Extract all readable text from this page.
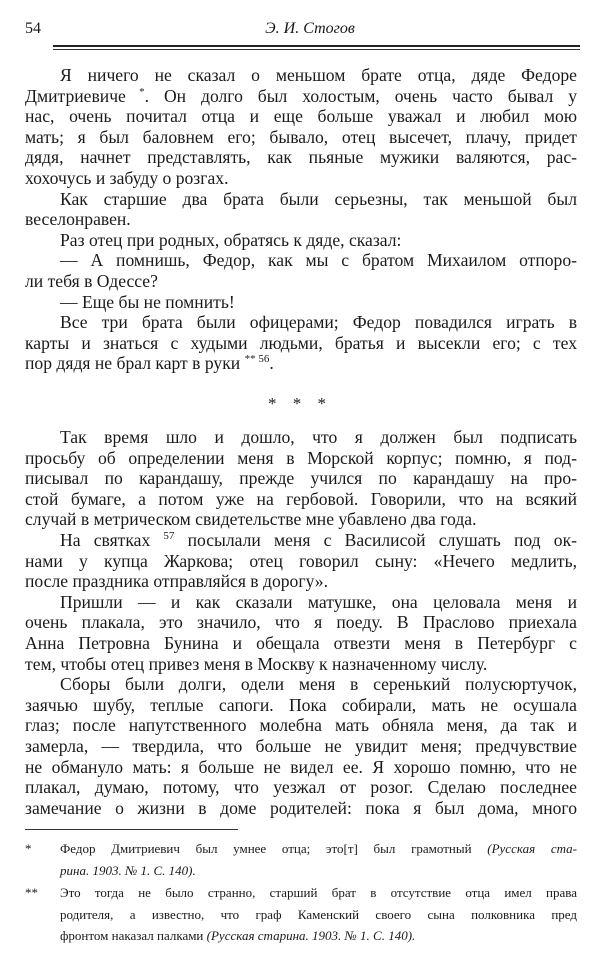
54	Э. И. Стогов
Я ничего не сказал о меньшом брате отца, дяде Федоре
Дмитриевиче *. Он долго был холостым, очень часто бывал у
нас, очень почитал отца и еще больше уважал и любил мою
мать; я был баловнем его; бывало, отец высечет, плачу, придет
дядя, начнет представлять, как пьяные мужики валяются, рас-
хохочусь и забуду о розгах.
Как старшие два брата были серьезны, так меньшой был
веселонравен.
Раз отец при родных, обратясь к дяде, сказал:
— А помнишь, Федор, как мы с братом Михаилом отпоро-
ли тебя в Одессе?
— Еще бы не помнить!
Все три брата были офицерами; Федор повадился играть в
карты и знаться с худыми людьми, братья и высекли его; с тех
пор дядя не брал карт в руки $^{** 56}$.
* * *
Так время шло и дошло, что я должен был подписать
просьбу об определении меня в Морской корпус; помню, я под-
писывал по карандашу, прежде учился по карандашу на про-
стой бумаге, а потом уже на гербовой. Говорили, что на всякий
случай в метрическом свидетельстве мне убавлено два года.
На святках $^{57}$ посылали меня с Василисой слушать под ок-
нами у купца Жаркова; отец говорил сыну: «Нечего медлить,
после праздника отправляйся в дорогу».
Пришли — и как сказали матушке, она целовала меня и
очень плакала, это значило, что я поеду. В Праслово приехала
Анна Петровна Бунина и обещала отвезти меня в Петербург с
тем, чтобы отец привез меня в Москву к назначенному числу.
Сборы были долги, одели меня в серенький полусюртучок,
заячью шубу, теплые сапоги. Пока собирали, мать не осушала
глаз; после напутственного молебна мать обняла меня, да так и
замерла, — твердила, что больше не увидит меня; предчувствие
не обмануло мать: я больше не видел ее. Я хорошо помню, что не
плакал, думаю, потому, что уезжал от розог. Сделаю последнее
замечание о жизни в доме родителей: пока я был дома, много
* Федор Дмитриевич был умнее отца; это[т] был грамотный (Русская ста-
рина. 1903. № 1. С. 140).
** Это тогда не было странно, старший брат в отсутствие отца имел права
родителя, а известно, что граф Каменский своего сына полковника пред
фронтом наказал палками (Русская старина. 1903. № 1. С. 140).
